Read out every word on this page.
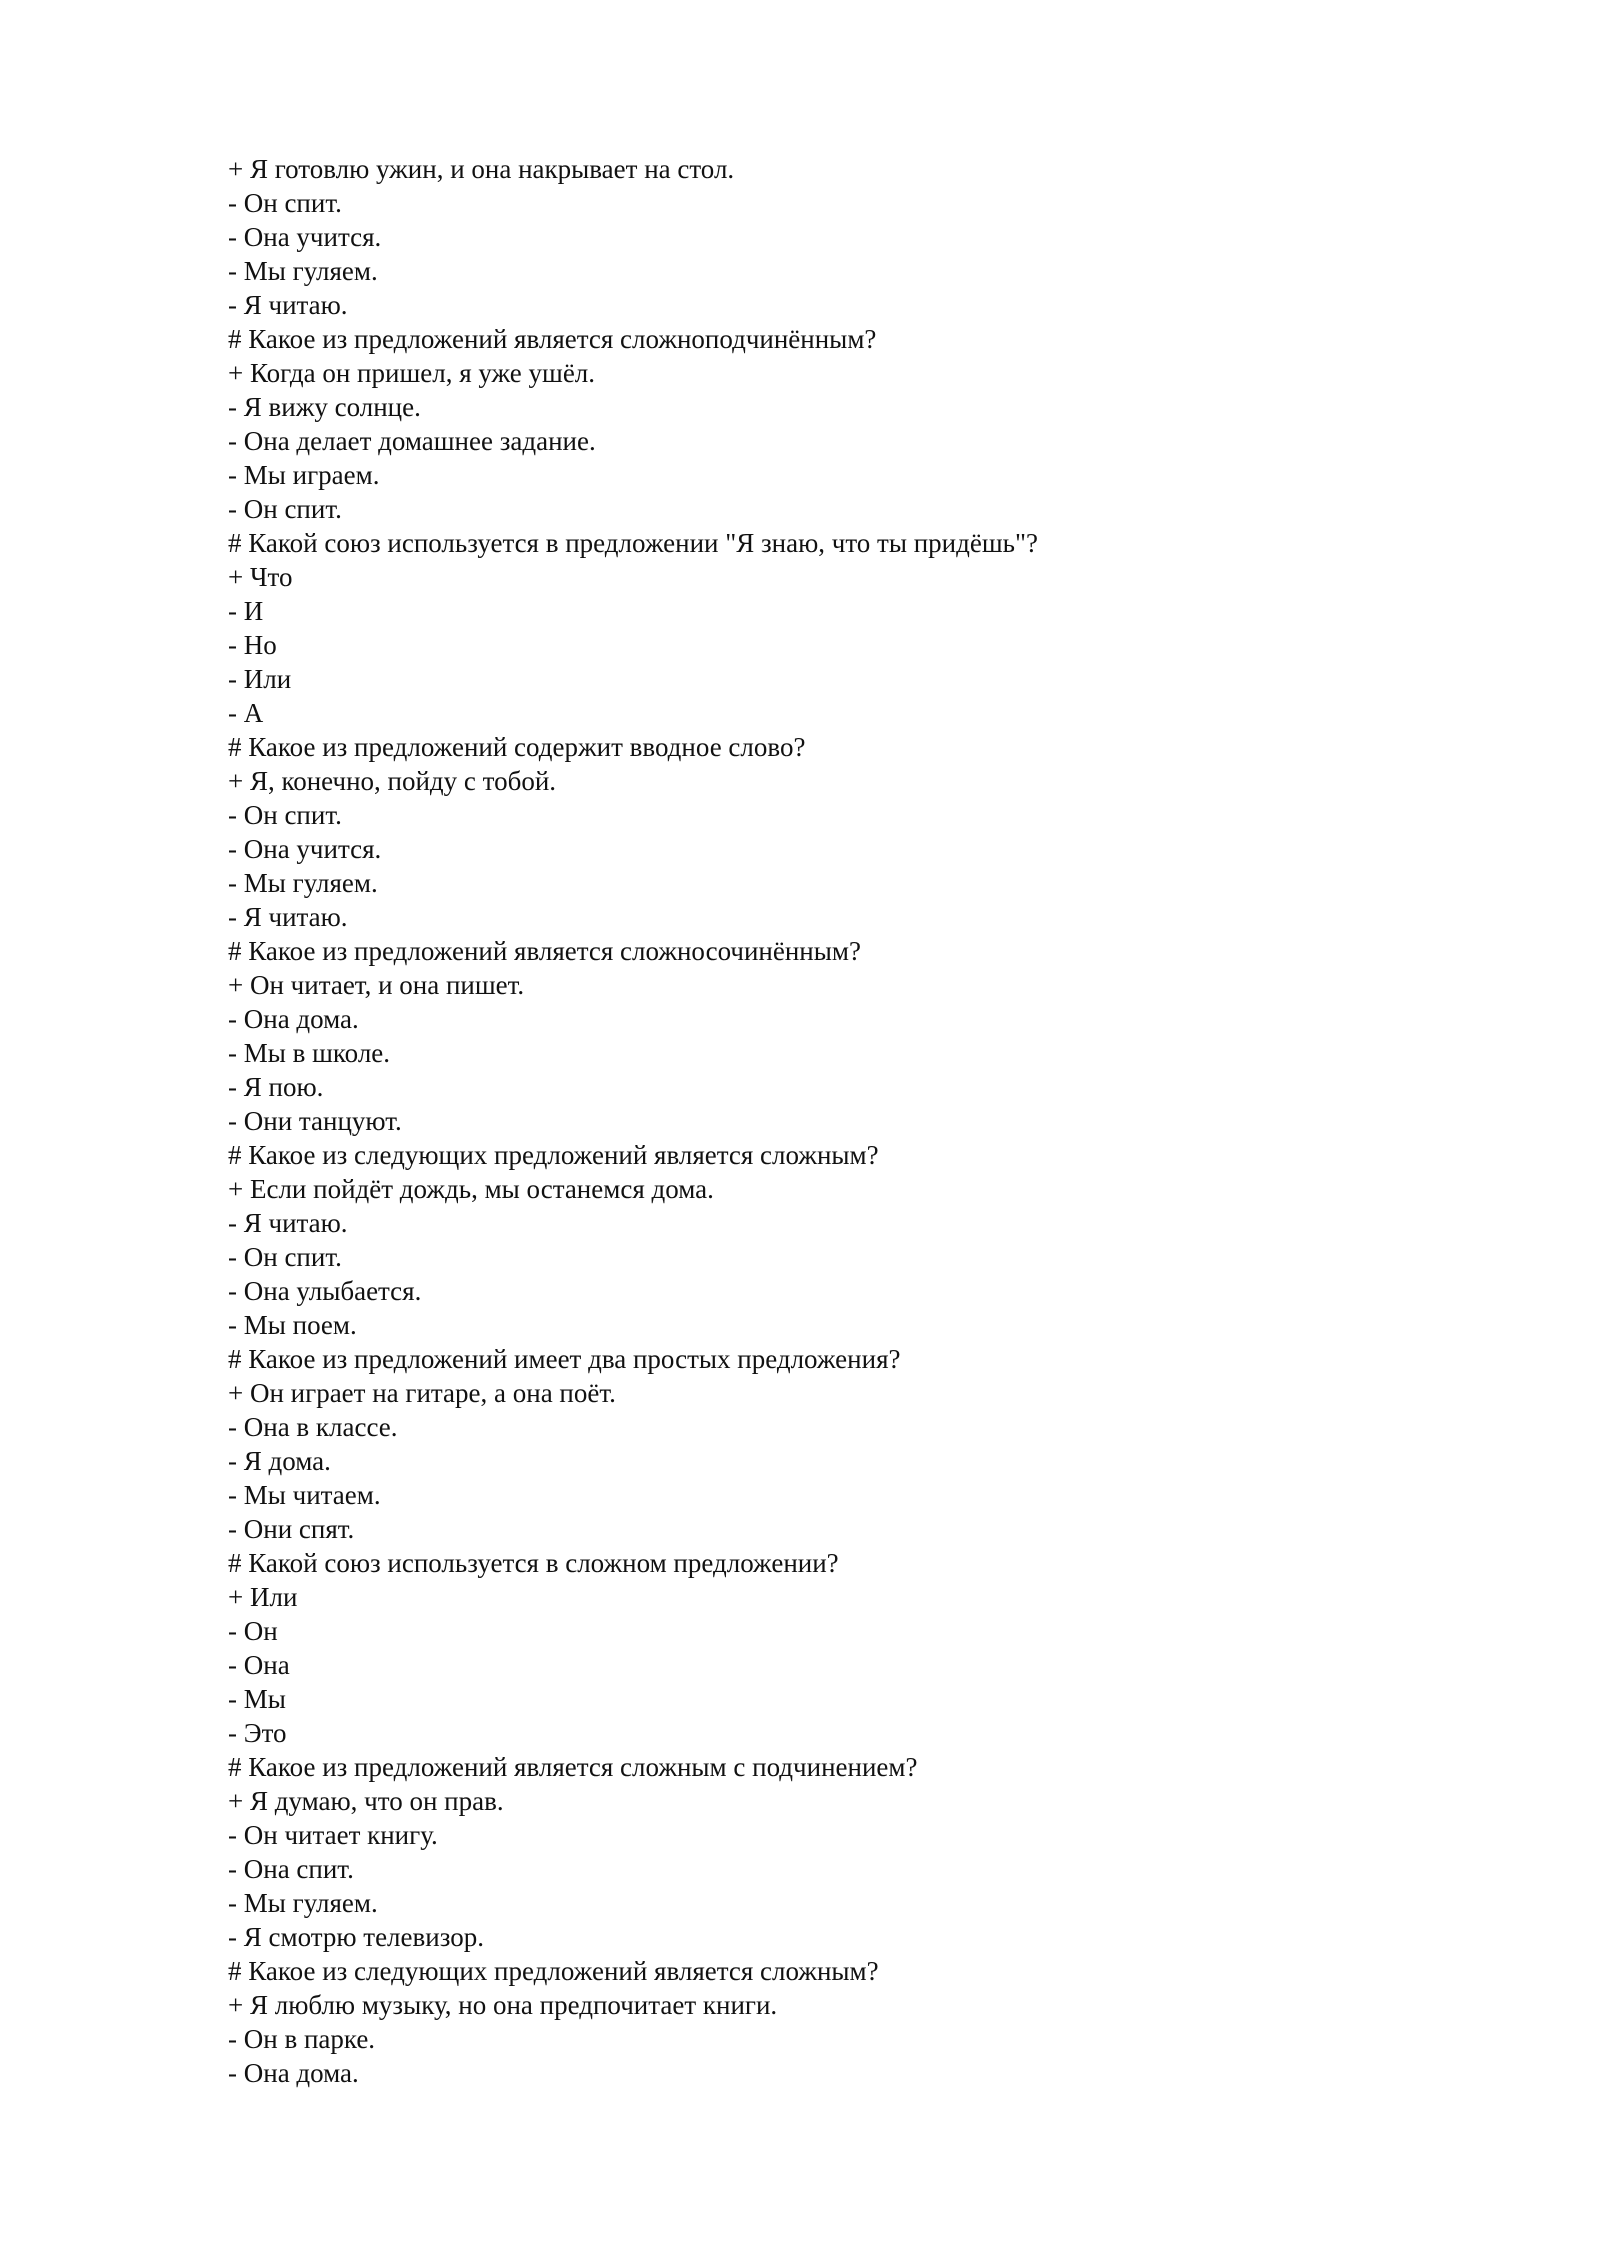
+ Я готовлю ужин, и она накрывает на стол.
- Он спит.
- Она учится.
- Мы гуляем.
- Я читаю.
# Какое из предложений является сложноподчинённым?
+ Когда он пришел, я уже ушёл.
- Я вижу солнце.
- Она делает домашнее задание.
- Мы играем.
- Он спит.
# Какой союз используется в предложении "Я знаю, что ты придёшь"?
+ Что
- И
- Но
- Или
- А
# Какое из предложений содержит вводное слово?
+ Я, конечно, пойду с тобой.
- Он спит.
- Она учится.
- Мы гуляем.
- Я читаю.
# Какое из предложений является сложносочинённым?
+ Он читает, и она пишет.
- Она дома.
- Мы в школе.
- Я пою.
- Они танцуют.
# Какое из следующих предложений является сложным?
+ Если пойдёт дождь, мы останемся дома.
- Я читаю.
- Он спит.
- Она улыбается.
- Мы поем.
# Какое из предложений имеет два простых предложения?
+ Он играет на гитаре, а она поёт.
- Она в классе.
- Я дома.
- Мы читаем.
- Они спят.
# Какой союз используется в сложном предложении?
+ Или
- Он
- Она
- Мы
- Это
# Какое из предложений является сложным с подчинением?
+ Я думаю, что он прав.
- Он читает книгу.
- Она спит.
- Мы гуляем.
- Я смотрю телевизор.
# Какое из следующих предложений является сложным?
+ Я люблю музыку, но она предпочитает книги.
- Он в парке.
- Она дома.
